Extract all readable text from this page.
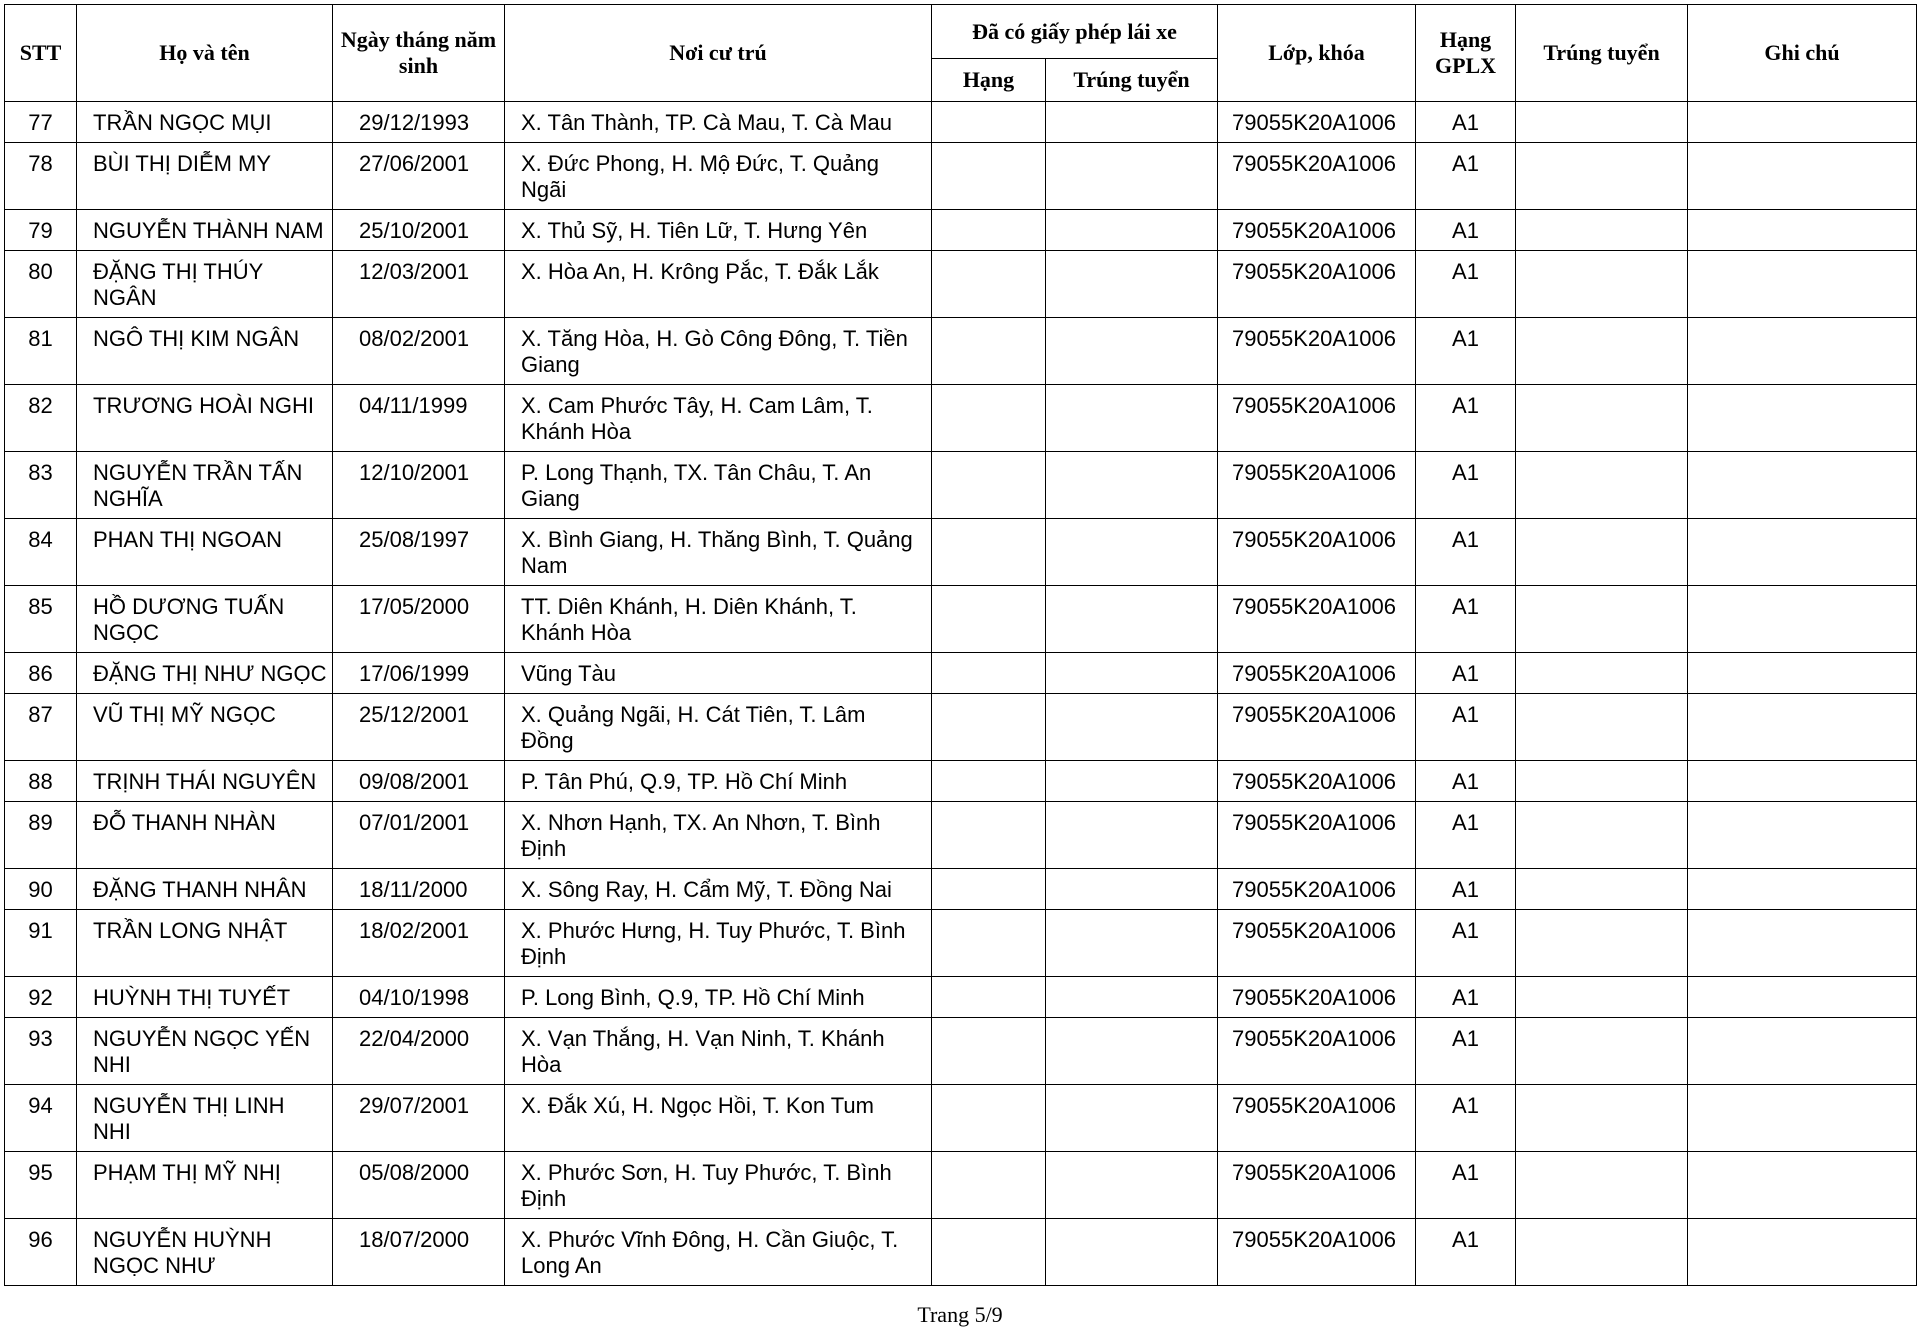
STT	Họ và tên	Ngày tháng năm
sinh	Nơi cư trú	Đã có giấy phép lái xe		Lớp, khóa	Hạng
GPLX	Trúng tuyển	Ghi chú
				Hạng	Trúng tuyển				
77	TRẦN NGỌC MỤI	29/12/1993	X. Tân Thành, TP. Cà Mau, T. Cà Mau			79055K20A1006	A1		
78	BÙI THỊ DIỄM MY	27/06/2001	X. Đức Phong, H. Mộ Đức, T. Quảng
Ngãi			79055K20A1006	A1		
79	NGUYỄN THÀNH NAM	25/10/2001	X. Thủ Sỹ, H. Tiên Lữ, T. Hưng Yên			79055K20A1006	A1		
80	ĐẶNG THỊ THÚY
NGÂN	12/03/2001	X. Hòa An, H. Krông Pắc, T. Đắk Lắk			79055K20A1006	A1		
81	NGÔ THỊ KIM NGÂN	08/02/2001	X. Tăng Hòa, H. Gò Công Đông, T. Tiền
Giang			79055K20A1006	A1		
82	TRƯƠNG HOÀI NGHI	04/11/1999	X. Cam Phước Tây, H. Cam Lâm, T.
Khánh Hòa			79055K20A1006	A1		
83	NGUYỄN TRẦN TẤN
NGHĨA	12/10/2001	P. Long Thạnh, TX. Tân Châu, T. An
Giang			79055K20A1006	A1		
84	PHAN THỊ NGOAN	25/08/1997	X. Bình Giang, H. Thăng Bình, T. Quảng
Nam			79055K20A1006	A1		
85	HỒ DƯƠNG TUẤN
NGỌC	17/05/2000	TT. Diên Khánh, H. Diên Khánh, T.
Khánh Hòa			79055K20A1006	A1		
86	ĐẶNG THỊ NHƯ NGỌC	17/06/1999	Vũng Tàu			79055K20A1006	A1		
87	VŨ THỊ MỸ NGỌC	25/12/2001	X. Quảng Ngãi, H. Cát Tiên, T. Lâm
Đồng			79055K20A1006	A1		
88	TRỊNH THÁI NGUYÊN	09/08/2001	P. Tân Phú, Q.9, TP. Hồ Chí Minh			79055K20A1006	A1		
89	ĐỖ THANH NHÀN	07/01/2001	X. Nhơn Hạnh, TX. An Nhơn, T. Bình
Định			79055K20A1006	A1		
90	ĐẶNG THANH NHÂN	18/11/2000	X. Sông Ray, H. Cẩm Mỹ, T. Đồng Nai			79055K20A1006	A1		
91	TRẦN LONG NHẬT	18/02/2001	X. Phước Hưng, H. Tuy Phước, T. Bình
Định			79055K20A1006	A1		
92	HUỲNH THỊ TUYẾT	04/10/1998	P. Long Bình, Q.9, TP. Hồ Chí Minh			79055K20A1006	A1		
93	NGUYỄN NGỌC YẾN
NHI	22/04/2000	X. Vạn Thắng, H. Vạn Ninh, T. Khánh
Hòa			79055K20A1006	A1		
94	NGUYỄN THỊ LINH NHI	29/07/2001	X. Đắk Xú, H. Ngọc Hồi, T. Kon Tum			79055K20A1006	A1		
95	PHẠM THỊ MỸ NHỊ	05/08/2000	X. Phước Sơn, H. Tuy Phước, T. Bình
Định			79055K20A1006	A1		
96	NGUYỄN HUỲNH
NGỌC NHƯ	18/07/2000	X. Phước Vĩnh Đông, H. Cần Giuộc, T.
Long An			79055K20A1006	A1		
Trang 5/9
